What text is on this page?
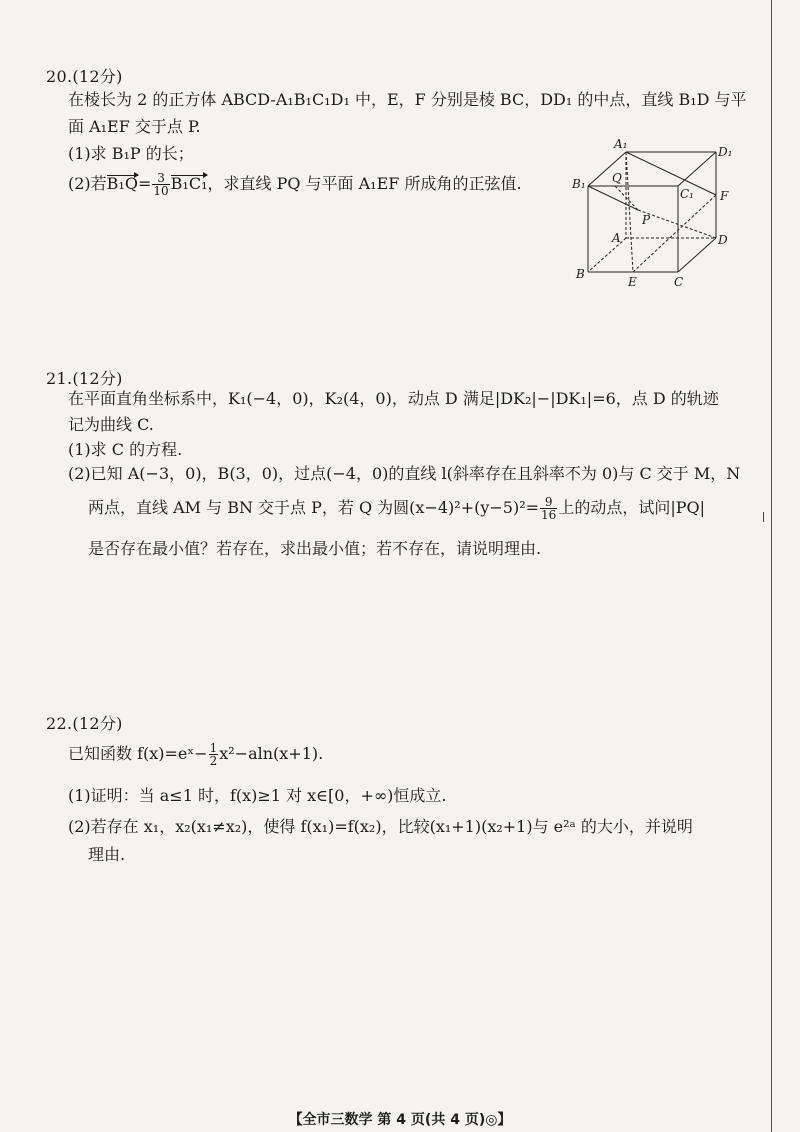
20.(12分)
在棱长为 2 的正方体 ABCD-A₁B₁C₁D₁ 中，E，F 分别是棱 BC，DD₁ 的中点，直线 B₁D 与平
面 A₁EF 交于点 P.
(1)求 B₁P 的长；
(2)若$B_1Q= \frac{3}{10} B_1C_1$，求直线 PQ 与平面 A₁EF 所成角的正弦值.
A₁
D₁
B₁ Q
C₁ F
P
A	D
B
E	C
21.(12分)
在平面直角坐标系中，K₁(−4，0)，K₂(4，0)，动点 D 满足|DK₂|−|DK₁|=6，点 D 的轨迹
记为曲线 C.
(1)求 C 的方程.
(2)已知 A(−3，0)，B(3，0)，过点(−4，0)的直线 l(斜率存在且斜率不为 0)与 C 交于 M，N
两点，直线 AM 与 BN 交于点 P，若 Q 为圆$(x-4)^2+(y-5)^2= \frac{9}{16}$ 上的动点，试问|PQ|
是否存在最小值？若存在，求出最小值；若不存在，请说明理由.
22.(12分)
已知函数 f(x)=eˣ− $\frac{1}{2} x^2-aln(x+1)$.
(1)证明：当 a≤1 时，f(x)≥1 对 x∈[0，+∞)恒成立.
(2)若存在 x₁，x₂(x₁≠x₂)，使得 f(x₁)=f(x₂)，比较(x₁+1)(x₂+1)与 e²ᵃ 的大小，并说明
理由.
【全市三数学 第 4 页(共 4 页)◎】
